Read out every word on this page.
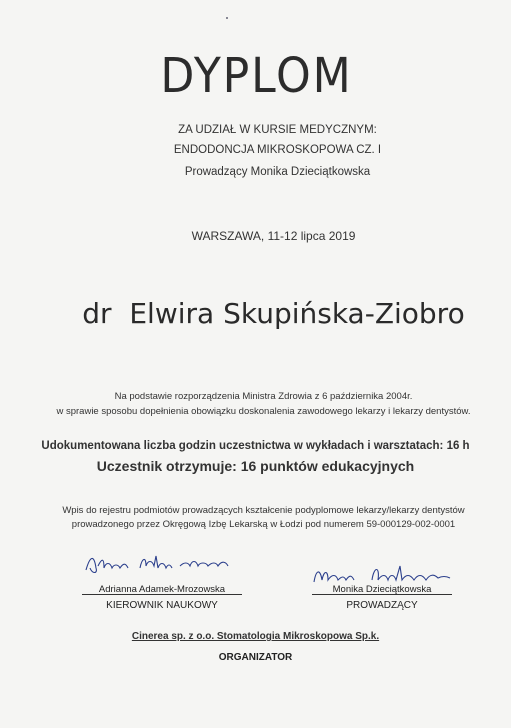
DYPLOM
ZA UDZIAŁ W KURSIE MEDYCZNYM:
ENDODONCJA MIKROSKOPOWA CZ. I
Prowadzący Monika Dzieciątkowska
WARSZAWA, 11-12 lipca 2019
dr  Elwira Skupińska-Ziobro
Na podstawie rozporządzenia Ministra Zdrowia z 6 października 2004r.
w sprawie sposobu dopełnienia obowiązku doskonalenia zawodowego lekarzy i lekarzy dentystów.
Udokumentowana liczba godzin uczestnictwa w wykładach i warsztatach: 16 h
Uczestnik otrzymuje: 16 punktów edukacyjnych
Wpis do rejestru podmiotów prowadzących kształcenie podyplomowe lekarzy/lekarzy dentystów
prowadzonego przez Okręgową Izbę Lekarską w Łodzi pod numerem 59-000129-002-0001
Adrianna Adamek-Mrozowska
KIEROWNIK NAUKOWY
Monika Dzieciątkowska
PROWADZĄCY
Cinerea sp. z o.o. Stomatologia Mikroskopowa Sp.k.
ORGANIZATOR
